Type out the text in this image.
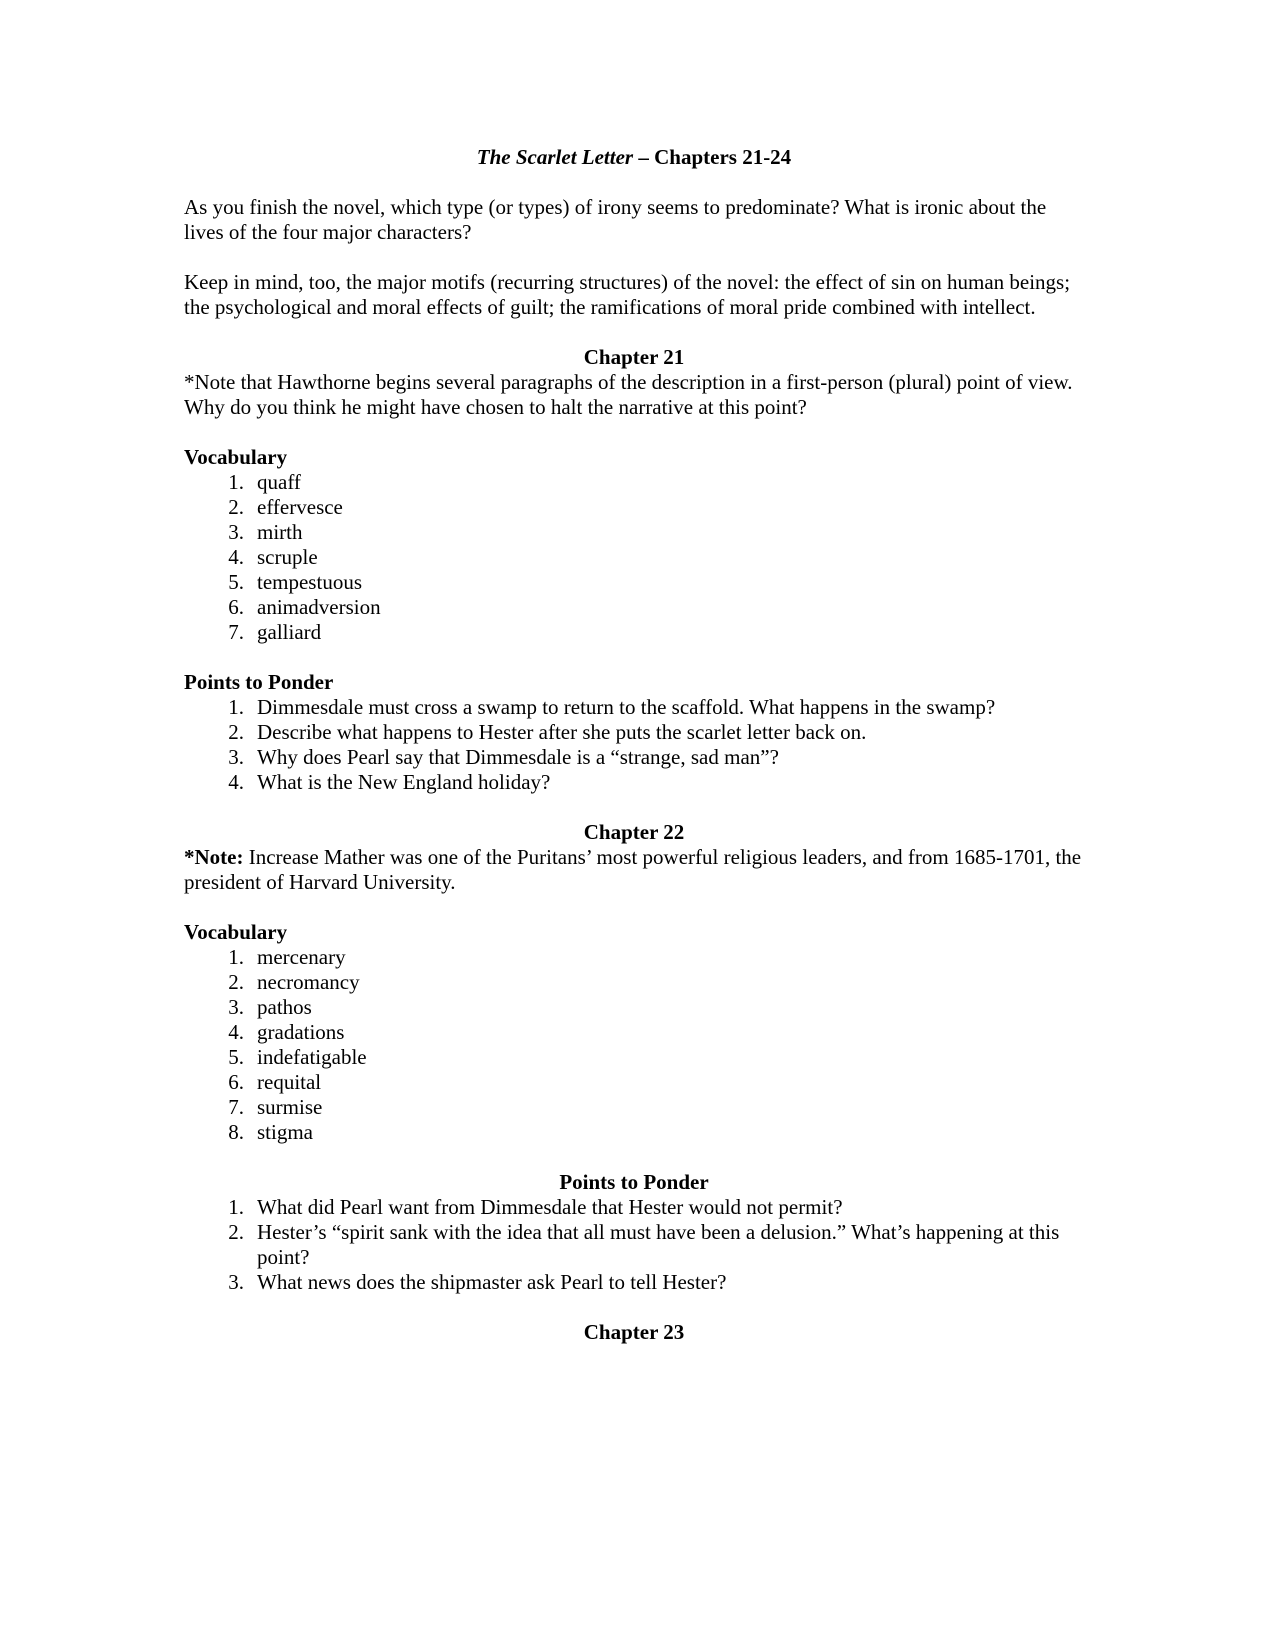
The Scarlet Letter – Chapters 21-24

As you finish the novel, which type (or types) of irony seems to predominate? What is ironic about the lives of the four major characters?

Keep in mind, too, the major motifs (recurring structures) of the novel: the effect of sin on human beings; the psychological and moral effects of guilt; the ramifications of moral pride combined with intellect.

Chapter 21

*Note that Hawthorne begins several paragraphs of the description in a first-person (plural) point of view. Why do you think he might have chosen to halt the narrative at this point?

Vocabulary
1. quaff
2. effervesce
3. mirth
4. scruple
5. tempestuous
6. animadversion
7. galliard
Points to Ponder
1. Dimmesdale must cross a swamp to return to the scaffold. What happens in the swamp?
2. Describe what happens to Hester after she puts the scarlet letter back on.
3. Why does Pearl say that Dimmesdale is a “strange, sad man”?
4. What is the New England holiday?
Chapter 22

*Note: Increase Mather was one of the Puritans’ most powerful religious leaders, and from 1685-1701, the president of Harvard University.

Vocabulary
1. mercenary
2. necromancy
3. pathos
4. gradations
5. indefatigable
6. requital
7. surmise
8. stigma
Points to Ponder
1. What did Pearl want from Dimmesdale that Hester would not permit?
2. Hester’s “spirit sank with the idea that all must have been a delusion.” What’s happening at this point?
3. What news does the shipmaster ask Pearl to tell Hester?
Chapter 23
